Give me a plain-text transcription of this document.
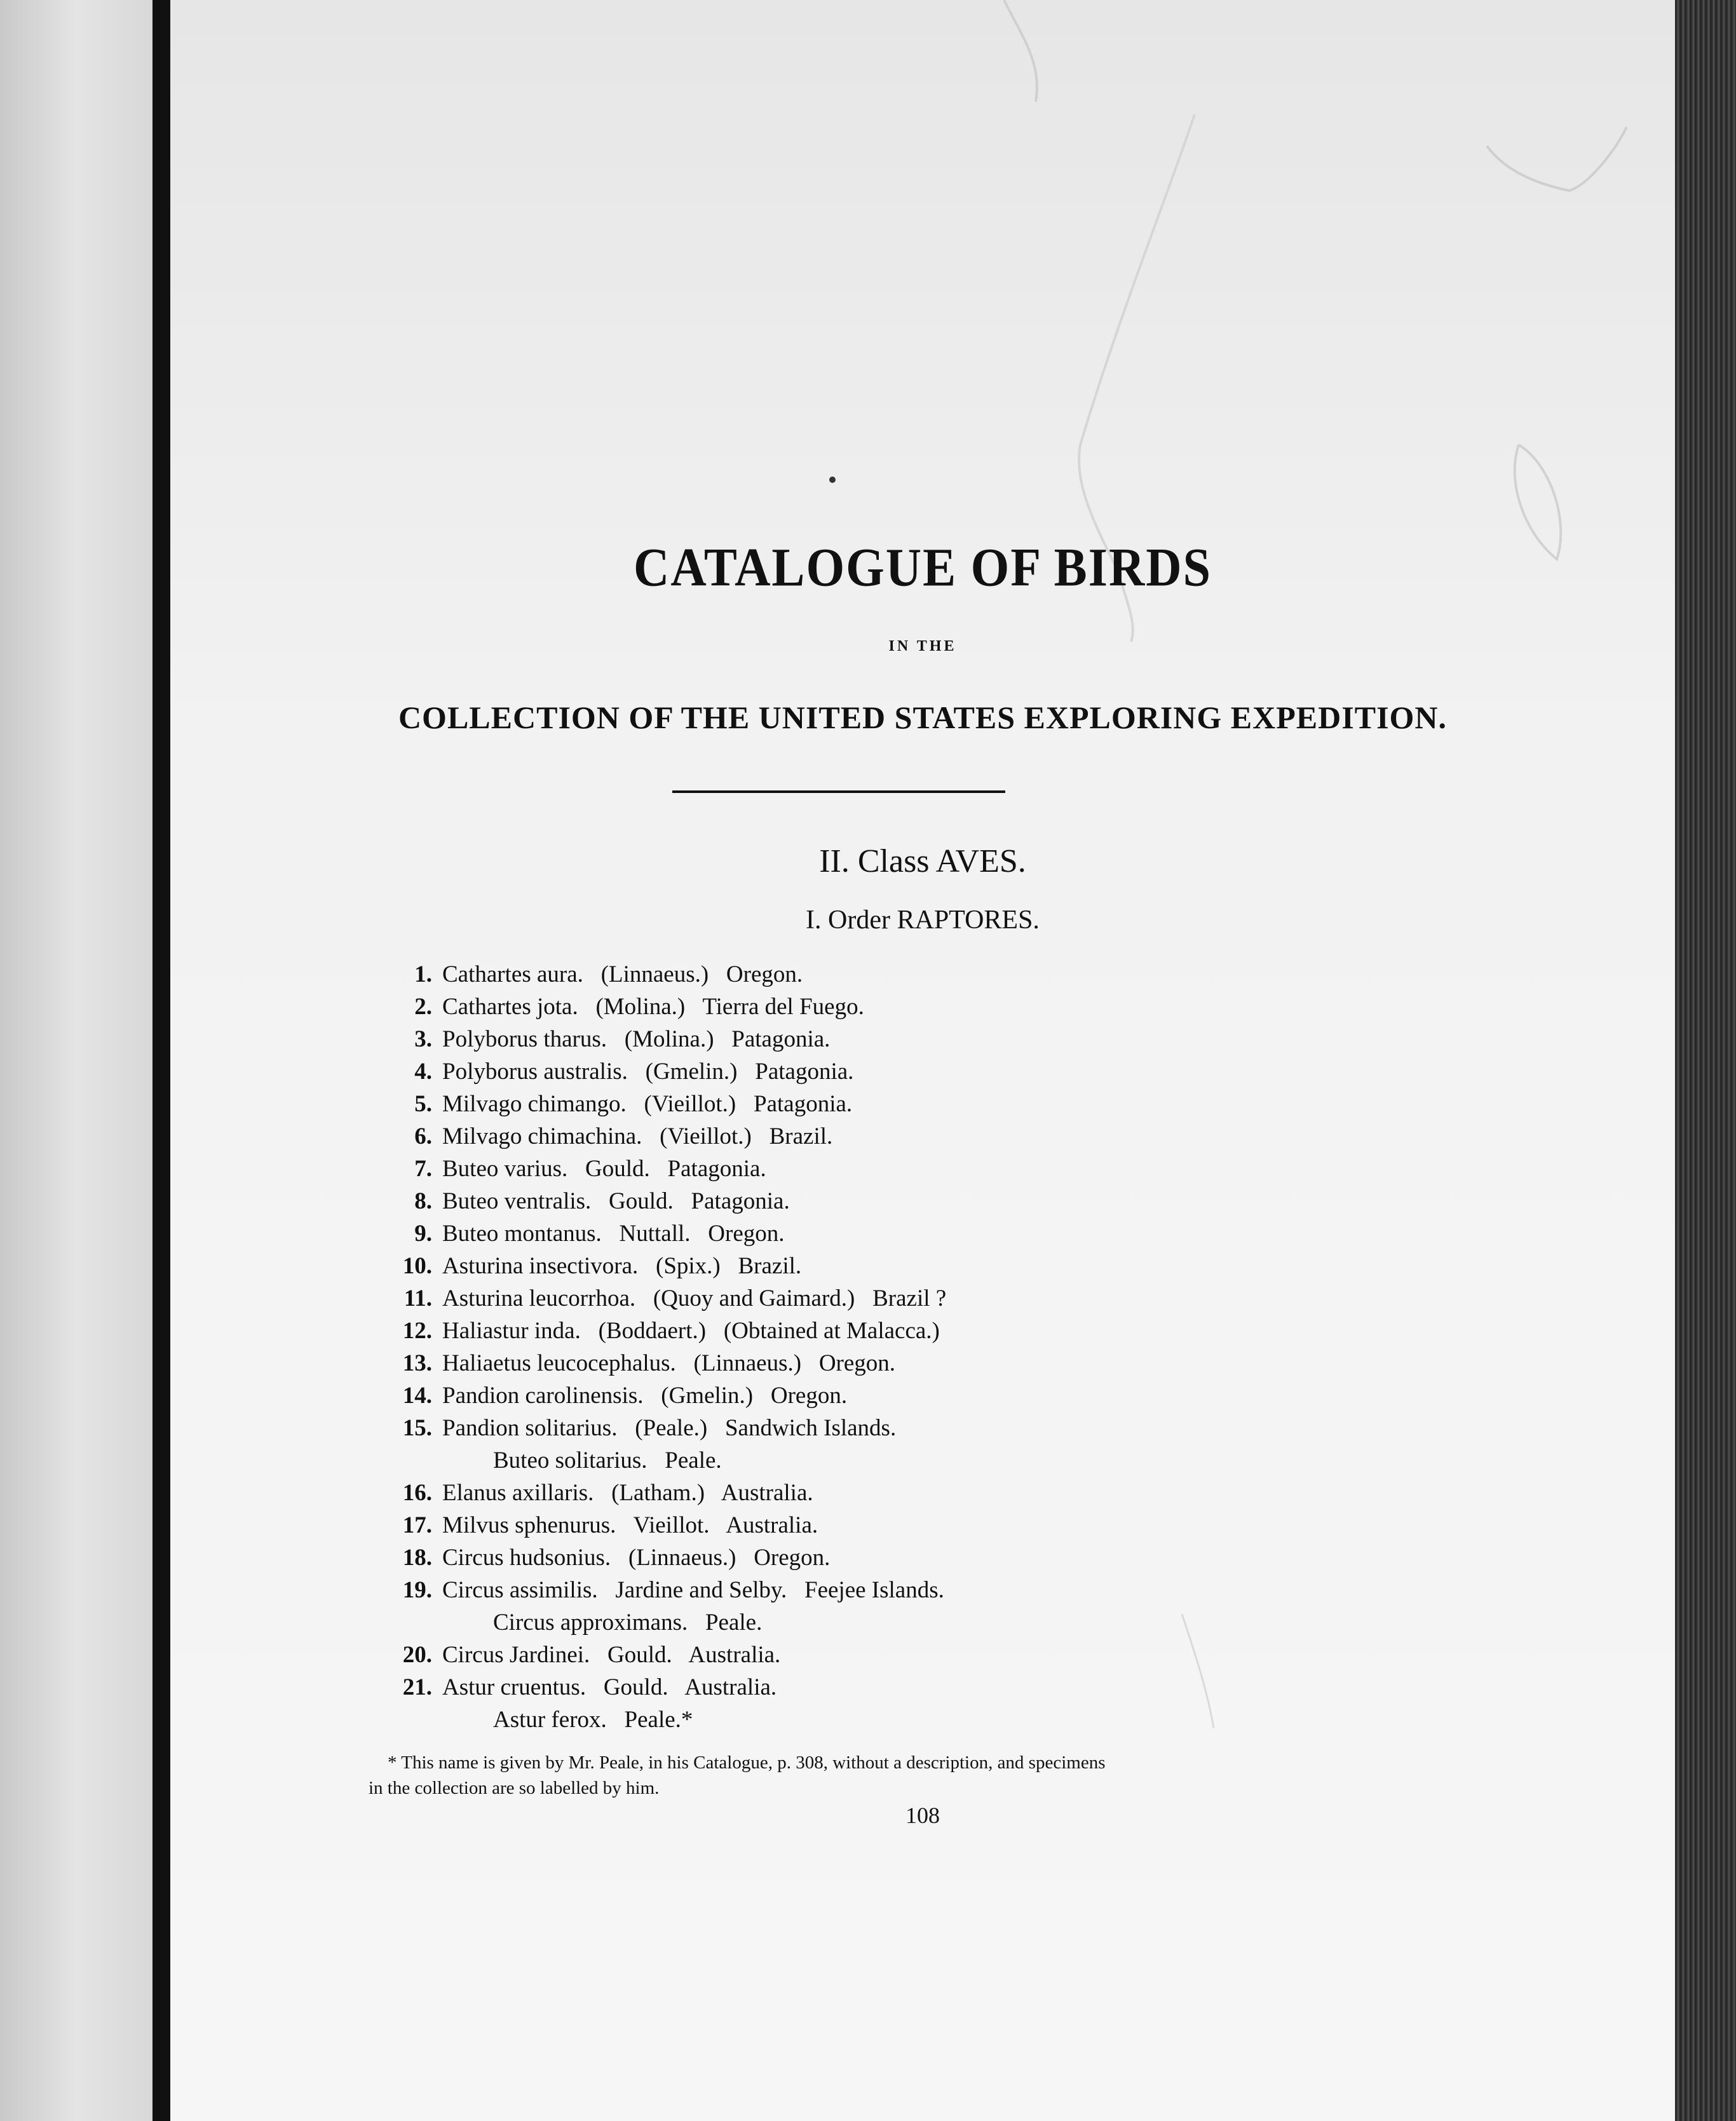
CATALOGUE OF BIRDS
IN THE
COLLECTION OF THE UNITED STATES EXPLORING EXPEDITION.
II. Class AVES.
I. Order RAPTORES.
1. Cathartes aura.   (Linnaeus.)   Oregon.
2. Cathartes jota.   (Molina.)   Tierra del Fuego.
3. Polyborus tharus.   (Molina.)   Patagonia.
4. Polyborus australis.   (Gmelin.)   Patagonia.
5. Milvago chimango.   (Vieillot.)   Patagonia.
6. Milvago chimachina.   (Vieillot.)   Brazil.
7. Buteo varius.   Gould.   Patagonia.
8. Buteo ventralis.   Gould.   Patagonia.
9. Buteo montanus.   Nuttall.   Oregon.
10. Asturina insectivora.   (Spix.)   Brazil.
11. Asturina leucorrhoa.   (Quoy and Gaimard.)   Brazil ?
12. Haliastur inda.   (Boddaert.)   (Obtained at Malacca.)
13. Haliaetus leucocephalus.   (Linnaeus.)   Oregon.
14. Pandion carolinensis.   (Gmelin.)   Oregon.
15. Pandion solitarius.   (Peale.)   Sandwich Islands.
Buteo solitarius.   Peale.
16. Elanus axillaris.   (Latham.)   Australia.
17. Milvus sphenurus.   Vieillot.   Australia.
18. Circus hudsonius.   (Linnaeus.)   Oregon.
19. Circus assimilis.   Jardine and Selby.   Feejee Islands.
Circus approximans.   Peale.
20. Circus Jardinei.   Gould.   Australia.
21. Astur cruentus.   Gould.   Australia.
Astur ferox.   Peale.*
* This name is given by Mr. Peale, in his Catalogue, p. 308, without a description, and specimens
in the collection are so labelled by him.
108
